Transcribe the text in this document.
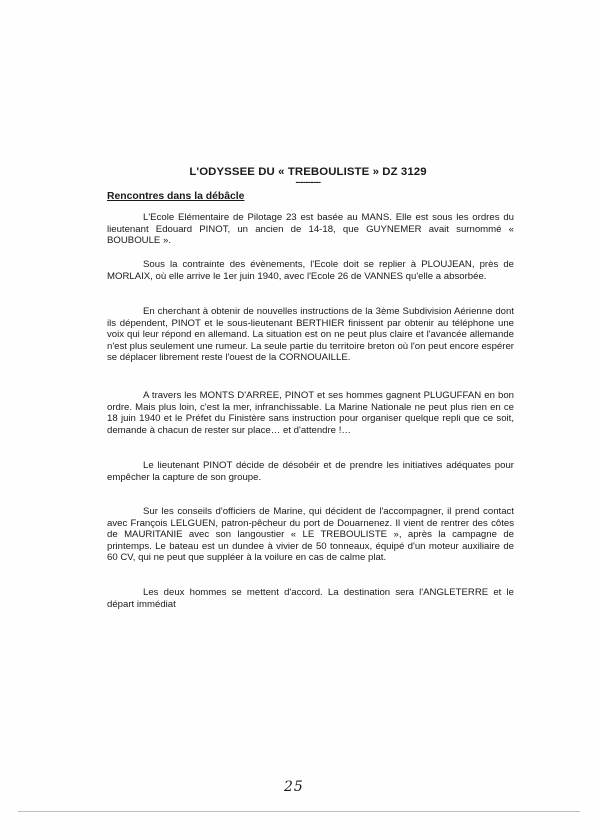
L'ODYSSEE DU « TREBOULISTE » DZ 3129
----------
Rencontres dans la débâcle

L'Ecole Elémentaire de Pilotage 23 est basée au MANS. Elle est sous les ordres du lieutenant Edouard PINOT, un ancien de 14-18, que GUYNEMER avait surnommé « BOUBOULE ».

Sous la contrainte des évènements, l'Ecole doit se replier à PLOUJEAN, près de MORLAIX, où elle arrive le 1er juin 1940, avec l'Ecole 26 de VANNES qu'elle a absorbée.

En cherchant à obtenir de nouvelles instructions de la 3ème Subdivision Aérienne dont ils dépendent, PINOT et le sous-lieutenant BERTHIER finissent par obtenir au téléphone une voix qui leur répond en allemand. La situation est on ne peut plus claire et l'avancée allemande n'est plus seulement une rumeur. La seule partie du territoire breton où l'on peut encore espérer se déplacer librement reste l'ouest de la CORNOUAILLE.

A travers les MONTS D'ARREE, PINOT et ses hommes gagnent PLUGUFFAN en bon ordre. Mais plus loin, c'est la mer, infranchissable. La Marine Nationale ne peut plus rien en ce 18 juin 1940 et le Préfet du Finistère sans instruction pour organiser quelque repli que ce soit, demande à chacun de rester sur place… et d'attendre !…

Le lieutenant PINOT décide de désobéir et de prendre les initiatives adéquates pour empêcher la capture de son groupe.

Sur les conseils d'officiers de Marine, qui décident de l'accompagner, il prend contact avec François LELGUEN, patron-pêcheur du port de Douarnenez. Il vient de rentrer des côtes de MAURITANIE avec son langoustier « LE TREBOULISTE », après la campagne de printemps. Le bateau est un dundee à vivier de 50 tonneaux, équipé d'un moteur auxiliaire de 60 CV, qui ne peut que suppléer à la voilure en cas de calme plat.

Les deux hommes se mettent d'accord. La destination sera l'ANGLETERRE et le départ immédiat

25
